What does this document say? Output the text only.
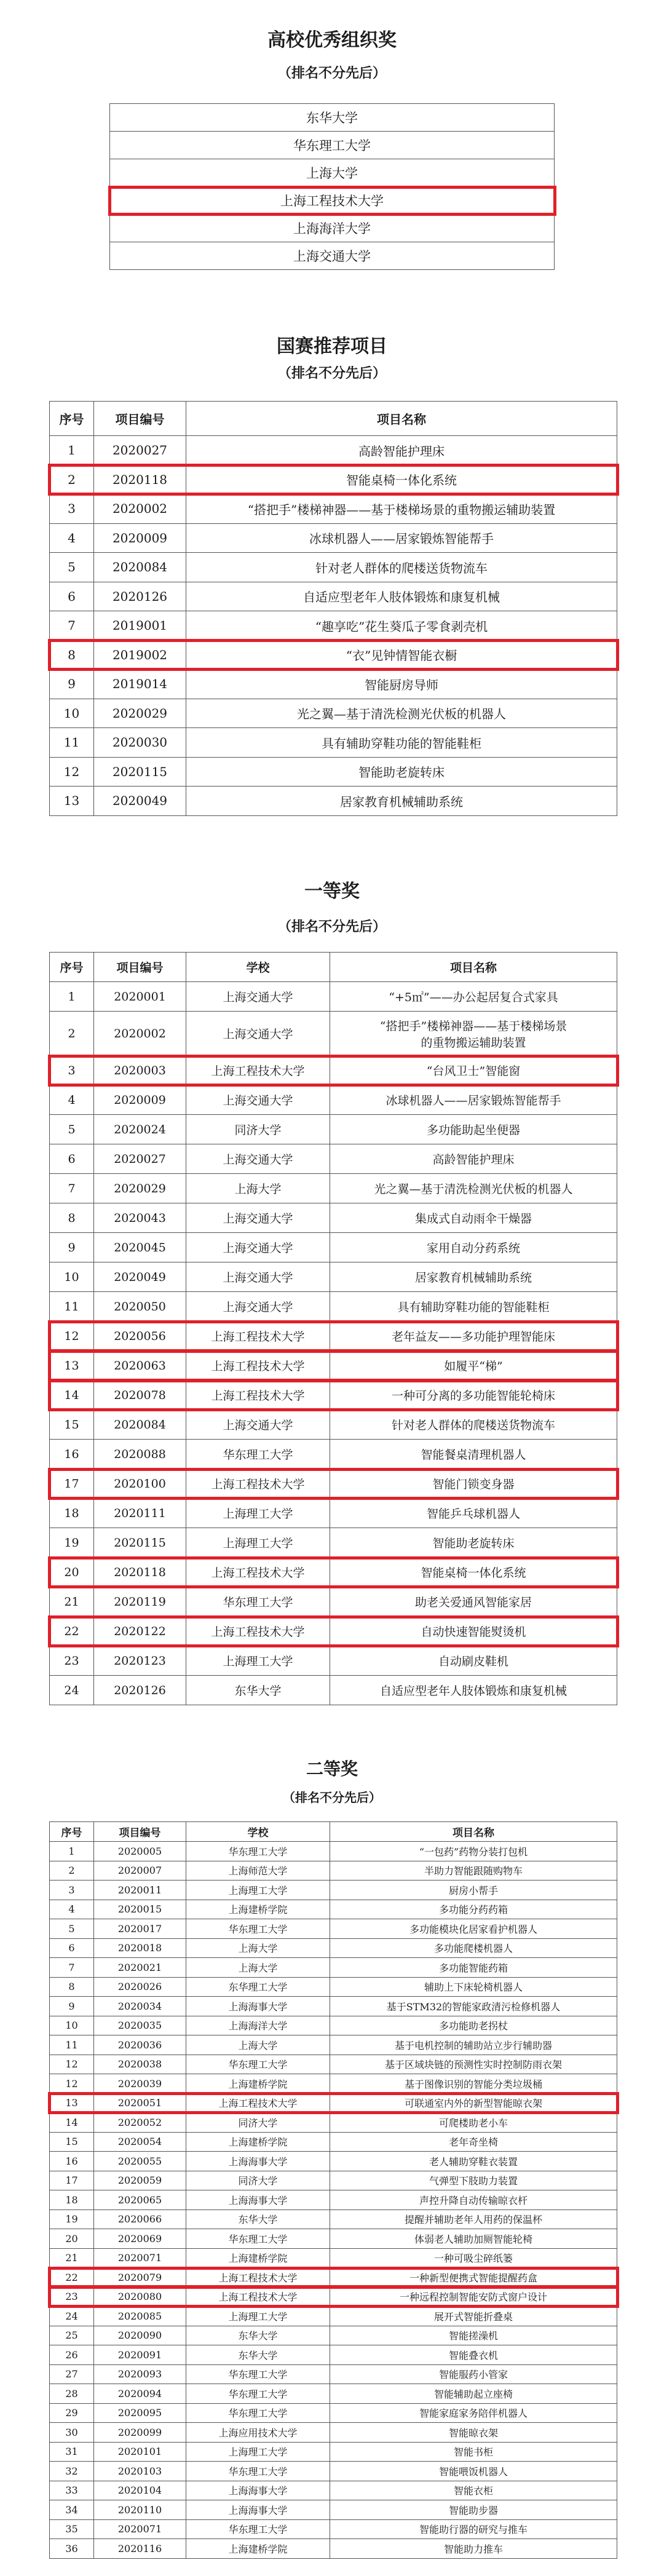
高校优秀组织奖
（排名不分先后）
东华大学
华东理工大学
上海大学
上海工程技术大学
上海海洋大学
上海交通大学
国赛推荐项目
（排名不分先后）
序号	项目编号	项目名称
1	2020027	高龄智能护理床
2	2020118	智能桌椅一体化系统
3	2020002	“搭把手”楼梯神器——基于楼梯场景的重物搬运辅助装置
4	2020009	冰球机器人——居家锻炼智能帮手
5	2020084	针对老人群体的爬楼送货物流车
6	2020126	自适应型老年人肢体锻炼和康复机械
7	2019001	“趣享吃”花生葵瓜子零食剥壳机
8	2019002	“衣”见钟情智能衣橱
9	2019014	智能厨房导师
10	2020029	光之翼—基于清洗检测光伏板的机器人
11	2020030	具有辅助穿鞋功能的智能鞋柜
12	2020115	智能助老旋转床
13	2020049	居家教育机械辅助系统
一等奖
（排名不分先后）
序号	项目编号	学校	项目名称
1	2020001	上海交通大学	“+5㎡”——办公起居复合式家具
2	2020002	上海交通大学	“搭把手”楼梯神器——基于楼梯场景
的重物搬运辅助装置
3	2020003	上海工程技术大学	“台风卫士”智能窗
4	2020009	上海交通大学	冰球机器人——居家锻炼智能帮手
5	2020024	同济大学	多功能助起坐便器
6	2020027	上海交通大学	高龄智能护理床
7	2020029	上海大学	光之翼—基于清洗检测光伏板的机器人
8	2020043	上海交通大学	集成式自动雨伞干燥器
9	2020045	上海交通大学	家用自动分药系统
10	2020049	上海交通大学	居家教育机械辅助系统
11	2020050	上海交通大学	具有辅助穿鞋功能的智能鞋柜
12	2020056	上海工程技术大学	老年益友——多功能护理智能床
13	2020063	上海工程技术大学	如履平“梯”
14	2020078	上海工程技术大学	一种可分离的多功能智能轮椅床
15	2020084	上海交通大学	针对老人群体的爬楼送货物流车
16	2020088	华东理工大学	智能餐桌清理机器人
17	2020100	上海工程技术大学	智能门锁变身器
18	2020111	上海理工大学	智能乒乓球机器人
19	2020115	上海理工大学	智能助老旋转床
20	2020118	上海工程技术大学	智能桌椅一体化系统
21	2020119	华东理工大学	助老关爱通风智能家居
22	2020122	上海工程技术大学	自动快速智能熨烫机
23	2020123	上海理工大学	自动刷皮鞋机
24	2020126	东华大学	自适应型老年人肢体锻炼和康复机械
二等奖
（排名不分先后）
序号	项目编号	学校	项目名称
1	2020005	华东理工大学	“一包药”药物分装打包机
2	2020007	上海师范大学	半助力智能跟随购物车
3	2020011	上海理工大学	厨房小帮手
4	2020015	上海建桥学院	多功能分药药箱
5	2020017	华东理工大学	多功能模块化居家看护机器人
6	2020018	上海大学	多功能爬楼机器人
7	2020021	上海大学	多功能智能药箱
8	2020026	东华理工大学	辅助上下床轮椅机器人
9	2020034	上海海事大学	基于STM32的智能家政清污检修机器人
10	2020035	上海海洋大学	多功能助老拐杖
11	2020036	上海大学	基于电机控制的辅助站立步行辅助器
12	2020038	华东理工大学	基于区域块链的预测性实时控制防雨衣架
12	2020039	上海建桥学院	基于图像识别的智能分类垃圾桶
13	2020051	上海工程技术大学	可联通室内外的新型智能晾衣架
14	2020052	同济大学	可爬楼助老小车
15	2020054	上海建桥学院	老年奇坐椅
16	2020055	上海海事大学	老人辅助穿鞋衣装置
17	2020059	同济大学	气弹型下肢助力装置
18	2020065	上海海事大学	声控升降自动传输晾衣杆
19	2020066	东华大学	提醒并辅助老年人用药的保温杯
20	2020069	华东理工大学	体弱老人辅助加厕智能轮椅
21	2020071	上海建桥学院	一种可吸尘碎纸篓
22	2020079	上海工程技术大学	一种新型便携式智能提醒药盒
23	2020080	上海工程技术大学	一种远程控制智能安防式窗户设计
24	2020085	上海理工大学	展开式智能折叠桌
25	2020090	东华大学	智能搓澡机
26	2020091	东华大学	智能叠衣机
27	2020093	华东理工大学	智能服药小管家
28	2020094	华东理工大学	智能辅助起立座椅
29	2020095	华东理工大学	智能家庭家务陪伴机器人
30	2020099	上海应用技术大学	智能晾衣架
31	2020101	上海理工大学	智能书柜
32	2020103	华东理工大学	智能喂饭机器人
33	2020104	上海海事大学	智能衣柜
34	2020110	上海海事大学	智能助步器
35	2020071	华东理工大学	智能助行器的研究与推车
36	2020116	上海建桥学院	智能助力推车
